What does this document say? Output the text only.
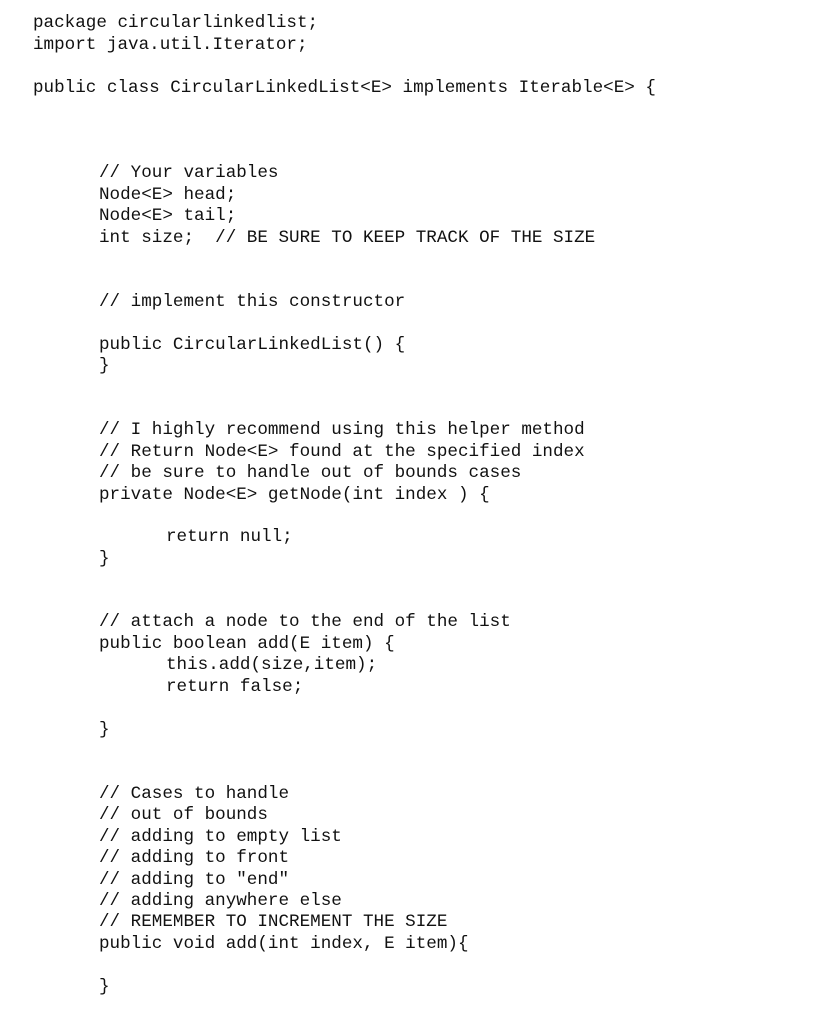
package circularlinkedlist;
import java.util.Iterator;
public class CircularLinkedList<E> implements Iterable<E> {
// Your variables
Node<E> head;
Node<E> tail;
int size;  // BE SURE TO KEEP TRACK OF THE SIZE
// implement this constructor
public CircularLinkedList() {
}
// I highly recommend using this helper method
// Return Node<E> found at the specified index
// be sure to handle out of bounds cases
private Node<E> getNode(int index ) {
return null;
}
// attach a node to the end of the list
public boolean add(E item) {
this.add(size,item);
return false;
}
// Cases to handle
// out of bounds
// adding to empty list
// adding to front
// adding to "end"
// adding anywhere else
// REMEMBER TO INCREMENT THE SIZE
public void add(int index, E item){
}
